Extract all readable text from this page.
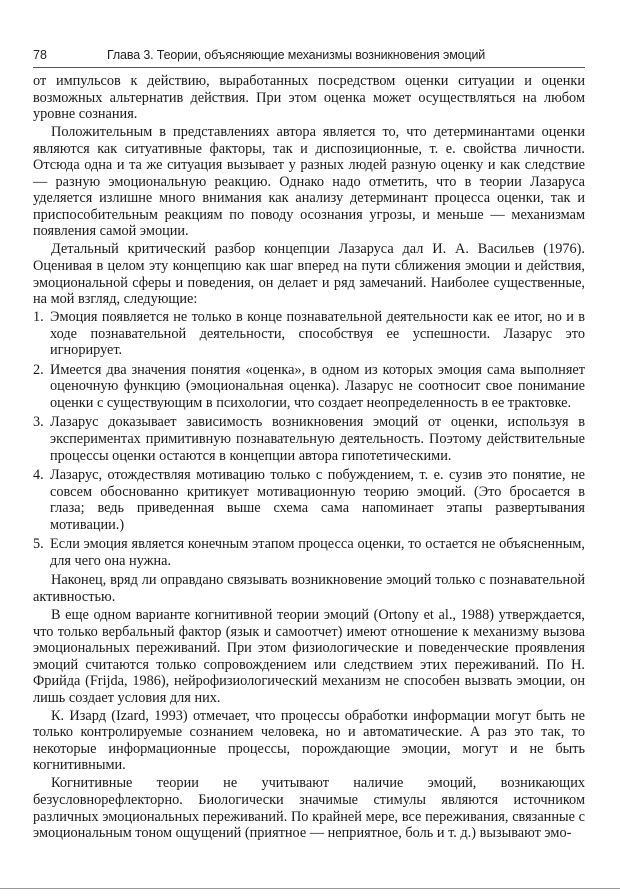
78	Глава 3. Теории, объясняющие механизмы возникновения эмоций

от импульсов к действию, выработанных посредством оценки ситуации и оценки возможных альтернатив действия. При этом оценка может осуществляться на любом уровне сознания.

Положительным в представлениях автора является то, что детерминантами оценки являются как ситуативные факторы, так и диспозиционные, т. е. свойства личности. Отсюда одна и та же ситуация вызывает у разных людей разную оценку и как следствие — разную эмоциональную реакцию. Однако надо отметить, что в теории Лазаруса уделяется излишне много внимания как анализу детерминант процесса оценки, так и приспособительным реакциям по поводу осознания угрозы, и меньше — механизмам появления самой эмоции.

Детальный критический разбор концепции Лазаруса дал И. А. Васильев (1976). Оценивая в целом эту концепцию как шаг вперед на пути сближения эмоции и действия, эмоциональной сферы и поведения, он делает и ряд замечаний. Наиболее существенные, на мой взгляд, следующие:

1. Эмоция появляется не только в конце познавательной деятельности как ее итог, но и в ходе познавательной деятельности, способствуя ее успешности. Лазарус это игнорирует.
2. Имеется два значения понятия «оценка», в одном из которых эмоция сама выполняет оценочную функцию (эмоциональная оценка). Лазарус не соотносит свое понимание оценки с существующим в психологии, что создает неопределенность в ее трактовке.
3. Лазарус доказывает зависимость возникновения эмоций от оценки, используя в экспериментах примитивную познавательную деятельность. Поэтому действительные процессы оценки остаются в концепции автора гипотетическими.
4. Лазарус, отождествляя мотивацию только с побуждением, т. е. сузив это понятие, не совсем обоснованно критикует мотивационную теорию эмоций. (Это бросается в глаза; ведь приведенная выше схема сама напоминает этапы развертывания мотивации.)
5. Если эмоция является конечным этапом процесса оценки, то остается не объясненным, для чего она нужна.

Наконец, вряд ли оправдано связывать возникновение эмоций только с познавательной активностью.

В еще одном варианте когнитивной теории эмоций (Ortony et al., 1988) утверждается, что только вербальный фактор (язык и самоотчет) имеют отношение к механизму вызова эмоциональных переживаний. При этом физиологические и поведенческие проявления эмоций считаются только сопровождением или следствием этих переживаний. По Н. Фрийда (Frijda, 1986), нейрофизиологический механизм не способен вызвать эмоции, он лишь создает условия для них.

К. Изард (Izard, 1993) отмечает, что процессы обработки информации могут быть не только контролируемые сознанием человека, но и автоматические. А раз это так, то некоторые информационные процессы, порождающие эмоции, могут и не быть когнитивными.

Когнитивные теории не учитывают наличие эмоций, возникающих безусловнорефлекторно. Биологически значимые стимулы являются источником различных эмоциональных переживаний. По крайней мере, все переживания, связанные с эмоциональным тоном ощущений (приятное — неприятное, боль и т. д.) вызывают эмо-
